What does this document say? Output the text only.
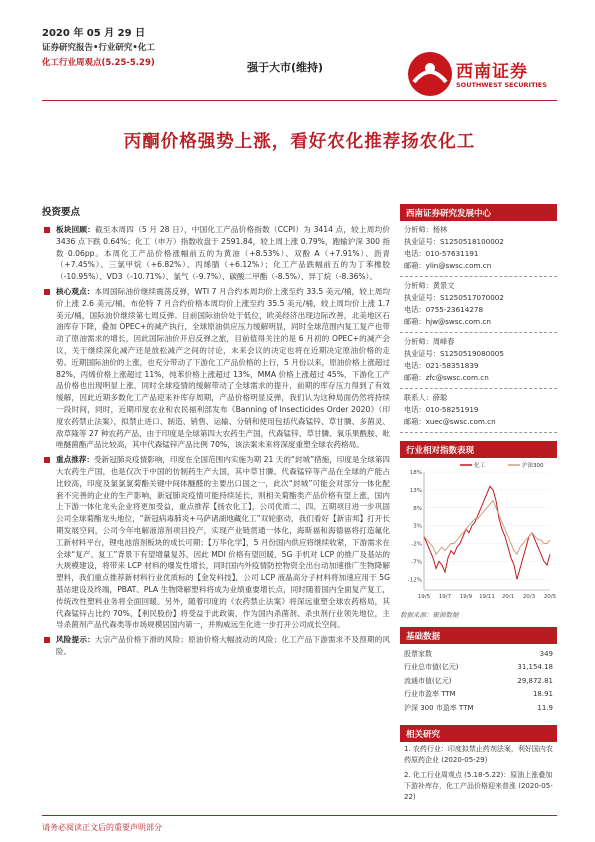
2020 年 05 月 29 日
证券研究报告•行业研究•化工
化工行业周观点(5.25-5.29)	强于大市(维持)	西南证券
SOUTHWEST SECURITIES
丙酮价格强势上涨，看好农化推荐扬农化工
投资要点
板块回顾：截至本周四（5 月 28 日），中国化工产品价格指数（CCPI）为 3414 点，较上周均价 3436 点下跌 0.64%；化工（申万）指数收盘于 2591.84，较上周上涨 0.79%，跑输沪深 300 指数 0.06pp。本周化工产品价格涨幅前五的为黄油（+8.53%）、双酚 A（+7.91%）、沥青（+7.45%）、三氯甲烷（+6.82%）、丙烯腈（+6.12%）；化工产品跌幅前五的为丁苯橡胶（-10.95%）、VD3（-10.71%）、氯气（-9.7%）、碳酸二甲酯（-8.5%）、异丁烷（-8.36%）。
核心观点：本周国际油价继续震荡反弹，WTI 7 月合约本周均价上涨至约 33.5 美元/桶，较上周均价上涨 2.6 美元/桶，布伦特 7 月合约价格本周均价上涨至约 35.5 美元/桶，较上周均价上涨 1.7 美元/桶，国际油价继续第七周反弹。目前国际油价处于低位，欧美经济出现边际改善，北美地区石油库存下降，叠加 OPEC+的减产执行，全球原油供应压力缓解明显，同时全球范围内复工复产也带动了原油需求的增长，因此国际油价开启反弹之旅，目前值得关注的是 6 月初的 OPEC+的减产会议，关于继续深化减产还是放松减产之间的讨论，未来会议的决定也将在近期决定原油价格的走势。近期国际油价的上涨，也充分带动了下游化工产品价格的上行，5 月份以来，原油价格上涨超过 82%，丙烯价格上涨超过 11%，纯苯价格上涨超过 13%，MMA 价格上涨超过 45%，下游化工产品价格也出现明显上涨，同时全球疫情的缓解带动了全球需求的提升，前期的库存压力得到了有效缓解，因此近期多数化工产品迎来补库存周期，产品价格明显反弹，我们认为这种局面仍然将持续一段时间，同时，近期印度农业和农民福利部发布《Banning of Insecticides Order 2020》（印度农药禁止法案），拟禁止进口、制造、销售、运输、分销和使用包括代森锰锌、草甘膦、多菌灵、敌草隆等 27 种农药产品，由于印度是全球第四大农药生产国，代森锰锌、草甘膦、氧乐果酰胺、吡唑醚菌酯产品比较高，其中代森锰锌产品比例 70%，该法案未来将深度重塑全球农药格局。
重点推荐：受新冠肺炎疫情影响，印度在全国范围内实施为期 21 天的“封城”措施，印度是全球第四大农药生产国，也是仅次于中国的仿制药生产大国，其中草甘膦、代森锰锌等产品在全球的产能占比较高，印度及氯氯氯菊酯关键中间体醚醛的主要出口国之一，此次“封城”可能会对部分一体化配套不完善的企业的生产影响，新冠肺炎疫情可能持续延长，则相关菊酯类产品价格有望上涨，国内上下游一体化龙头企业将更加受益，重点推荐【扬农化工】，公司优质二、四、五期项目进一步巩固公司全球菊酯龙头地位，“新冠病毒肺炎+马萨诸湖地藏化工”双轮驱动，我们看好【新宙邦】打开长期发展空间，公司今年电解液溶剂项目投产，实现产业链贯通一体化，海斯福和海德福将打造氟化工新材料平台，锂电池溶剂板块的成长可期；【万华化学】，5 月份国内供应将继续收紧，下游需求在全球“复产、复工”背景下有望增量复苏，因此 MDI 价格有望回暖，5G 手机对 LCP 的推广及基站的大规模建设，将带来 LCP 材料的爆发性增长，同时国内外疫情防控物资全出台动加速推广生物降解塑料，我们重点推荐新材料行业优质标的【金发科技】，公司 LCP 液晶高分子材料将加速应用于 5G 基站建设及终端，PBAT、PLA 生物降解塑料将成为业绩重要增长点，同时随着国内全面复产复工，传统改性塑料业务将全面回暖。另外，随着印度的《农药禁止法案》将深远重塑全球农药格局，其代森锰锌占比约 70%，【利民股份】将受益于此政策，作为国内杀菌剂、杀虫剂行业领先地位，主导杀菌剂产品代森类等市场规模居国内第一，并购威远生化进一步打开公司成长空间。
风险提示：大宗产品价格下滑的风险；原油价格大幅波动的风险；化工产品下游需求不及预期的风险。
西南证券研究发展中心
分析师：杨林
执业证号：S1250518100002
电话：010-57631191
邮箱：ylin@swsc.com.cn
分析师：黄景文
执业证号：S1250517070002
电话：0755-23614278
邮箱：hjw@swsc.com.cn
分析师：周峰春
执业证号：S1250519080005
电话：021-58351839
邮箱：zfc@swsc.com.cn
联系人：薛聪
电话：010-58251919
邮箱：xuec@swsc.com.cn
行业相对指数表现
18%
13%
8%
3%
-2%
-7%
-12%
19/5 19/7 19/9 19/11 20/1 20/3 20/5
化工	沪深300
数据来源：聚源数据
基础数据
股票家数	349
行业总市值(亿元)	31,154.18
流通市值(亿元)	29,872.81
行业市盈率 TTM	18.91
沪深 300 市盈率 TTM	11.9
相关研究
1. 农药行业：印度拟禁止药剂法案，利好国内农药原药企业 (2020-05-29)
2. 化工行业周观点 (5.18-5.22)：原油上涨叠加下游补库存，化工产品价格迎来普涨 (2020-05-22)
请务必阅读正文后的重要声明部分
